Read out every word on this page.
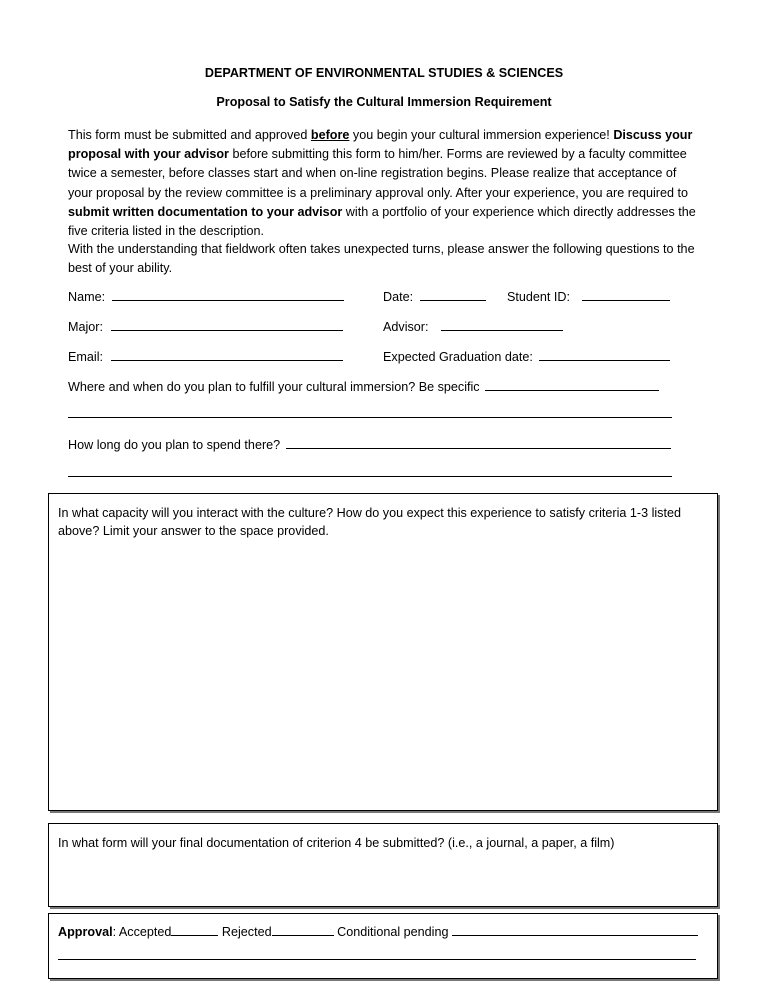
DEPARTMENT OF ENVIRONMENTAL STUDIES & SCIENCES
Proposal to Satisfy the Cultural Immersion Requirement
This form must be submitted and approved before you begin your cultural immersion experience! Discuss your proposal with your advisor before submitting this form to him/her. Forms are reviewed by a faculty committee twice a semester, before classes start and when on-line registration begins. Please realize that acceptance of your proposal by the review committee is a preliminary approval only. After your experience, you are required to submit written documentation to your advisor with a portfolio of your experience which directly addresses the five criteria listed in the description.
With the understanding that fieldwork often takes unexpected turns, please answer the following questions to the best of your ability.
Name:	Date:	Student ID:
Major:	Advisor:
Email:	Expected Graduation date:
Where and when do you plan to fulfill your cultural immersion? Be specific
How long do you plan to spend there?
In what capacity will you interact with the culture? How do you expect this experience to satisfy criteria 1-3 listed above? Limit your answer to the space provided.
In what form will your final documentation of criterion 4 be submitted? (i.e., a journal, a paper, a film)
Approval: Accepted	Rejected	Conditional pending
